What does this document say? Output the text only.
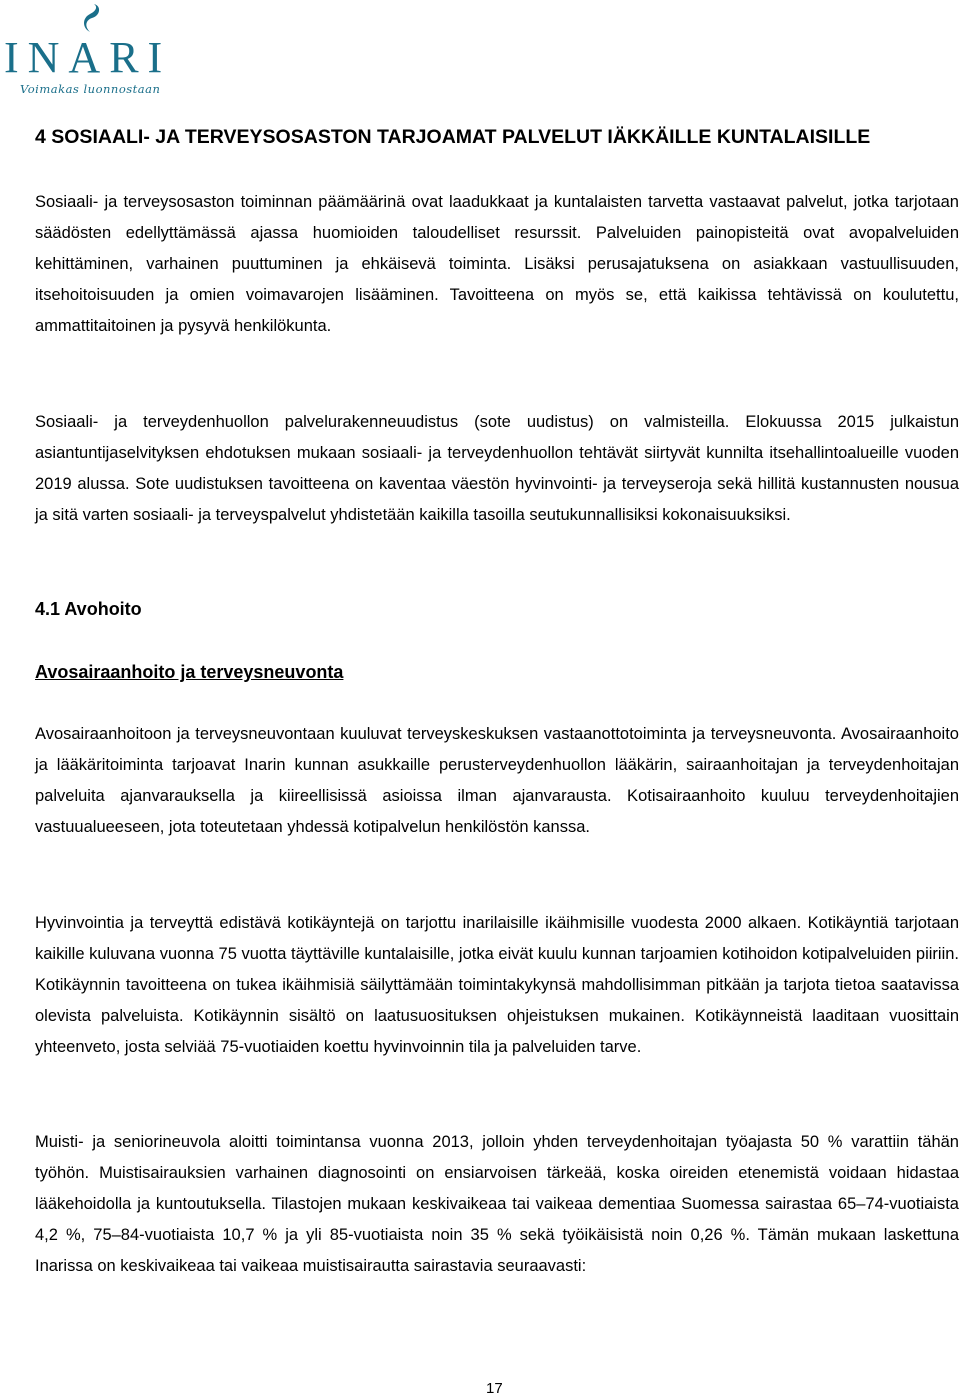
INARI
Voimakas luonnostaan
4 SOSIAALI- JA TERVEYSOSASTON TARJOAMAT PALVELUT IÄKKÄILLE KUNTALAISILLE

Sosiaali- ja terveysosaston toiminnan päämäärinä ovat laadukkaat ja kuntalaisten tarvetta vastaavat palvelut, jotka tarjotaan säädösten edellyttämässä ajassa huomioiden taloudelliset resurssit. Palveluiden painopisteitä ovat avopalveluiden kehittäminen, varhainen puuttuminen ja ehkäisevä toiminta. Lisäksi perusajatuksena on asiakkaan vastuullisuuden, itsehoitoisuuden ja omien voimavarojen lisääminen. Tavoitteena on myös se, että kaikissa tehtävissä on koulutettu, ammattitaitoinen ja pysyvä henkilökunta.

Sosiaali- ja terveydenhuollon palvelurakenneuudistus (sote uudistus) on valmisteilla. Elokuussa 2015 julkaistun asiantuntijaselvityksen ehdotuksen mukaan sosiaali- ja terveydenhuollon tehtävät siirtyvät kunnilta itsehallintoalueille vuoden 2019 alussa. Sote uudistuksen tavoitteena on kaventaa väestön hyvinvointi- ja terveyseroja sekä hillitä kustannusten nousua ja sitä varten sosiaali- ja terveyspalvelut yhdistetään kaikilla tasoilla seutukunnallisiksi kokonaisuuksiksi.

4.1 Avohoito
Avosairaanhoito ja terveysneuvonta

Avosairaanhoitoon ja terveysneuvontaan kuuluvat terveyskeskuksen vastaanottotoiminta ja terveysneuvonta. Avosairaanhoito ja lääkäritoiminta tarjoavat Inarin kunnan asukkaille perusterveydenhuollon lääkärin, sairaanhoitajan ja terveydenhoitajan palveluita ajanvarauksella ja kiireellisissä asioissa ilman ajanvarausta. Kotisairaanhoito kuuluu terveydenhoitajien vastuualueeseen, jota toteutetaan yhdessä kotipalvelun henkilöstön kanssa.

Hyvinvointia ja terveyttä edistävä kotikäyntejä on tarjottu inarilaisille ikäihmisille vuodesta 2000 alkaen. Kotikäyntiä tarjotaan kaikille kuluvana vuonna 75 vuotta täyttäville kuntalaisille, jotka eivät kuulu kunnan tarjoamien kotihoidon kotipalveluiden piiriin. Kotikäynnin tavoitteena on tukea ikäihmisiä säilyttämään toimintakykynsä mahdollisimman pitkään ja tarjota tietoa saatavissa olevista palveluista. Kotikäynnin sisältö on laatusuosituksen ohjeistuksen mukainen. Kotikäynneistä laaditaan vuosittain yhteenveto, josta selviää 75-vuotiaiden koettu hyvinvoinnin tila ja palveluiden tarve.

Muisti- ja seniorineuvola aloitti toimintansa vuonna 2013, jolloin yhden terveydenhoitajan työajasta 50 % varattiin tähän työhön. Muistisairauksien varhainen diagnosointi on ensiarvoisen tärkeää, koska oireiden etenemistä voidaan hidastaa lääkehoidolla ja kuntoutuksella. Tilastojen mukaan keskivaikeaa tai vaikeaa dementiaa Suomessa sairastaa 65–74-vuotiaista 4,2 %, 75–84-vuotiaista 10,7 % ja yli 85-vuotiaista noin 35 % sekä työikäisistä noin 0,26 %. Tämän mukaan laskettuna Inarissa on keskivaikeaa tai vaikeaa muistisairautta sairastavia seuraavasti:

17
